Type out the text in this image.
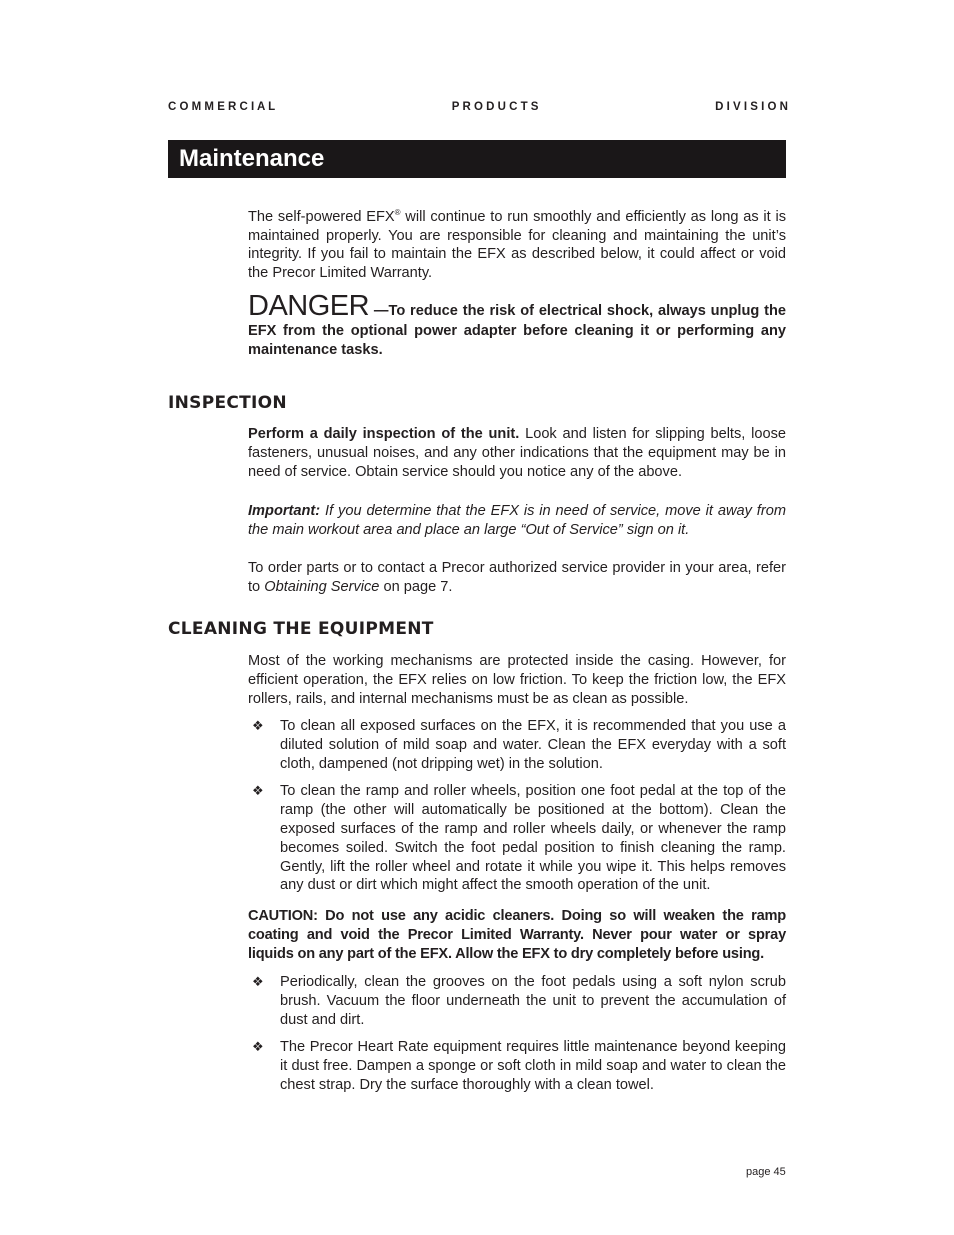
C O M M E R C I A L	P R O D U C T S	D I V I S I O N
Maintenance

The self-powered EFX® will continue to run smoothly and efficiently as long as it is maintained properly. You are responsible for cleaning and maintaining the unit’s integrity. If you fail to maintain the EFX as described below, it could affect or void the Precor Limited Warranty.

DANGER —To reduce the risk of electrical shock, always unplug the EFX from the optional power adapter before cleaning it or performing any maintenance tasks.

INSPECTION

Perform a daily inspection of the unit. Look and listen for slipping belts, loose fasteners, unusual noises, and any other indications that the equipment may be in need of service. Obtain service should you notice any of the above.

Important: If you determine that the EFX is in need of service, move it away from the main workout area and place an large “Out of Service” sign on it.

To order parts or to contact a Precor authorized service provider in your area, refer to Obtaining Service on page 7.

CLEANING THE EQUIPMENT

Most of the working mechanisms are protected inside the casing. However, for efficient operation, the EFX relies on low friction. To keep the friction low, the EFX rollers, rails, and internal mechanisms must be as clean as possible.

❖ To clean all exposed surfaces on the EFX, it is recommended that you use a diluted solution of mild soap and water. Clean the EFX everyday with a soft cloth, dampened (not dripping wet) in the solution.
❖ To clean the ramp and roller wheels, position one foot pedal at the top of the ramp (the other will automatically be positioned at the bottom). Clean the exposed surfaces of the ramp and roller wheels daily, or whenever the ramp becomes soiled. Switch the foot pedal position to finish cleaning the ramp. Gently, lift the roller wheel and rotate it while you wipe it. This helps removes any dust or dirt which might affect the smooth operation of the unit.

CAUTION: Do not use any acidic cleaners. Doing so will weaken the ramp coating and void the Precor Limited Warranty. Never pour water or spray liquids on any part of the EFX. Allow the EFX to dry completely before using.

❖ Periodically, clean the grooves on the foot pedals using a soft nylon scrub brush. Vacuum the floor underneath the unit to prevent the accumulation of dust and dirt.
❖ The Precor Heart Rate equipment requires little maintenance beyond keeping it dust free. Dampen a sponge or soft cloth in mild soap and water to clean the chest strap. Dry the surface thoroughly with a clean towel.
page 45
